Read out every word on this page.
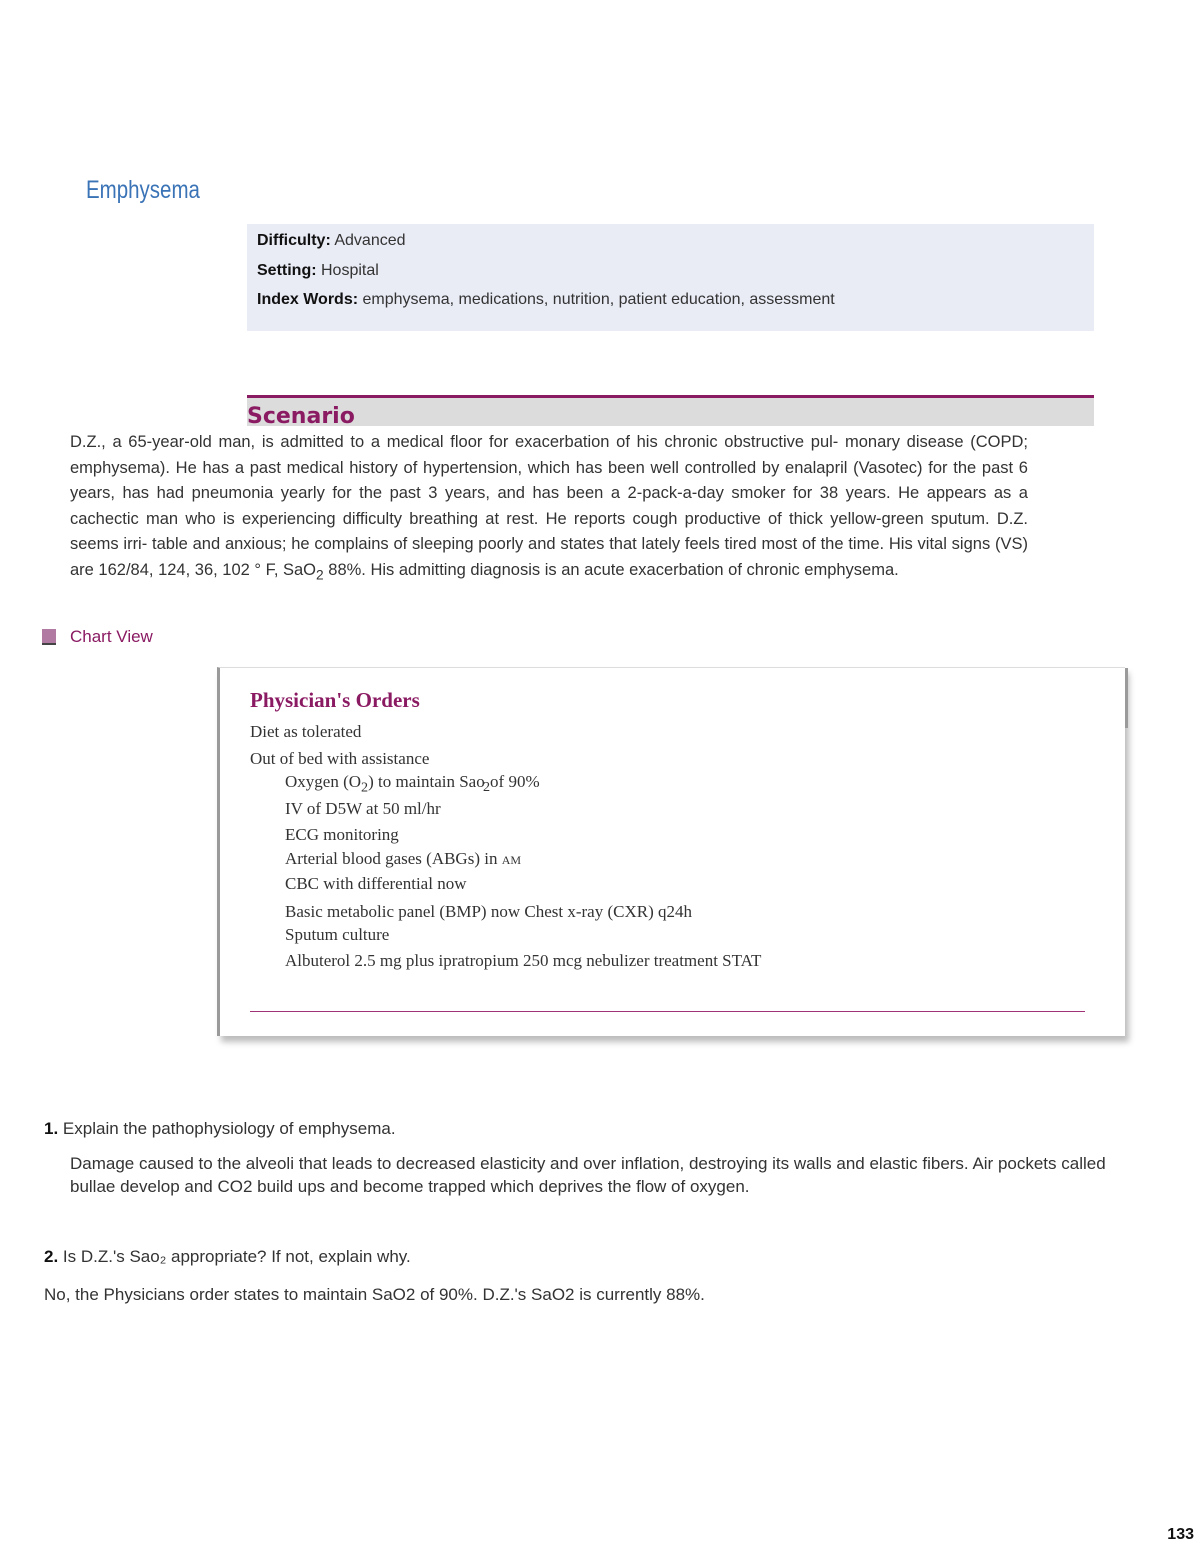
Emphysema
Difficulty: Advanced
Setting: Hospital
Index Words: emphysema, medications, nutrition, patient education, assessment
Scenario
D.Z., a 65-year-old man, is admitted to a medical floor for exacerbation of his chronic obstructive pul- monary disease (COPD; emphysema). He has a past medical history of hypertension, which has been well controlled by enalapril (Vasotec) for the past 6 years, has had pneumonia yearly for the past 3 years, and has been a 2-pack-a-day smoker for 38 years. He appears as a cachectic man who is experiencing difficulty breathing at rest. He reports cough productive of thick yellow-green sputum. D.Z. seems irri- table and anxious; he complains of sleeping poorly and states that lately feels tired most of the time. His vital signs (VS) are 162/84, 124, 36, 102 ° F, SaO$_2$ 88%. His admitting diagnosis is an acute exacerbation of chronic emphysema.
Chart View
Physician's Orders
Diet as tolerated
Out of bed with assistance
Oxygen $(O_2)$ to maintain Sao $_2$of 90%
IV of D5W at 50 ml/hr
ECG monitoring
Arterial blood gases (ABGs) in AM
CBC with differential now
Basic metabolic panel (BMP) now Chest x-ray (CXR) q24h
Sputum culture
Albuterol 2.5 mg plus ipratropium 250 mcg nebulizer treatment STAT
1. Explain the pathophysiology of emphysema.
Damage caused to the alveoli that leads to decreased elasticity and over inflation, destroying its walls and elastic fibers. Air pockets called bullae develop and CO2 build ups and become trapped which deprives the flow of oxygen.
2. Is D.Z.'s Sao₂ appropriate? If not, explain why.
No, the Physicians order states to maintain SaO2 of 90%. D.Z.'s SaO2 is currently 88%.
133
